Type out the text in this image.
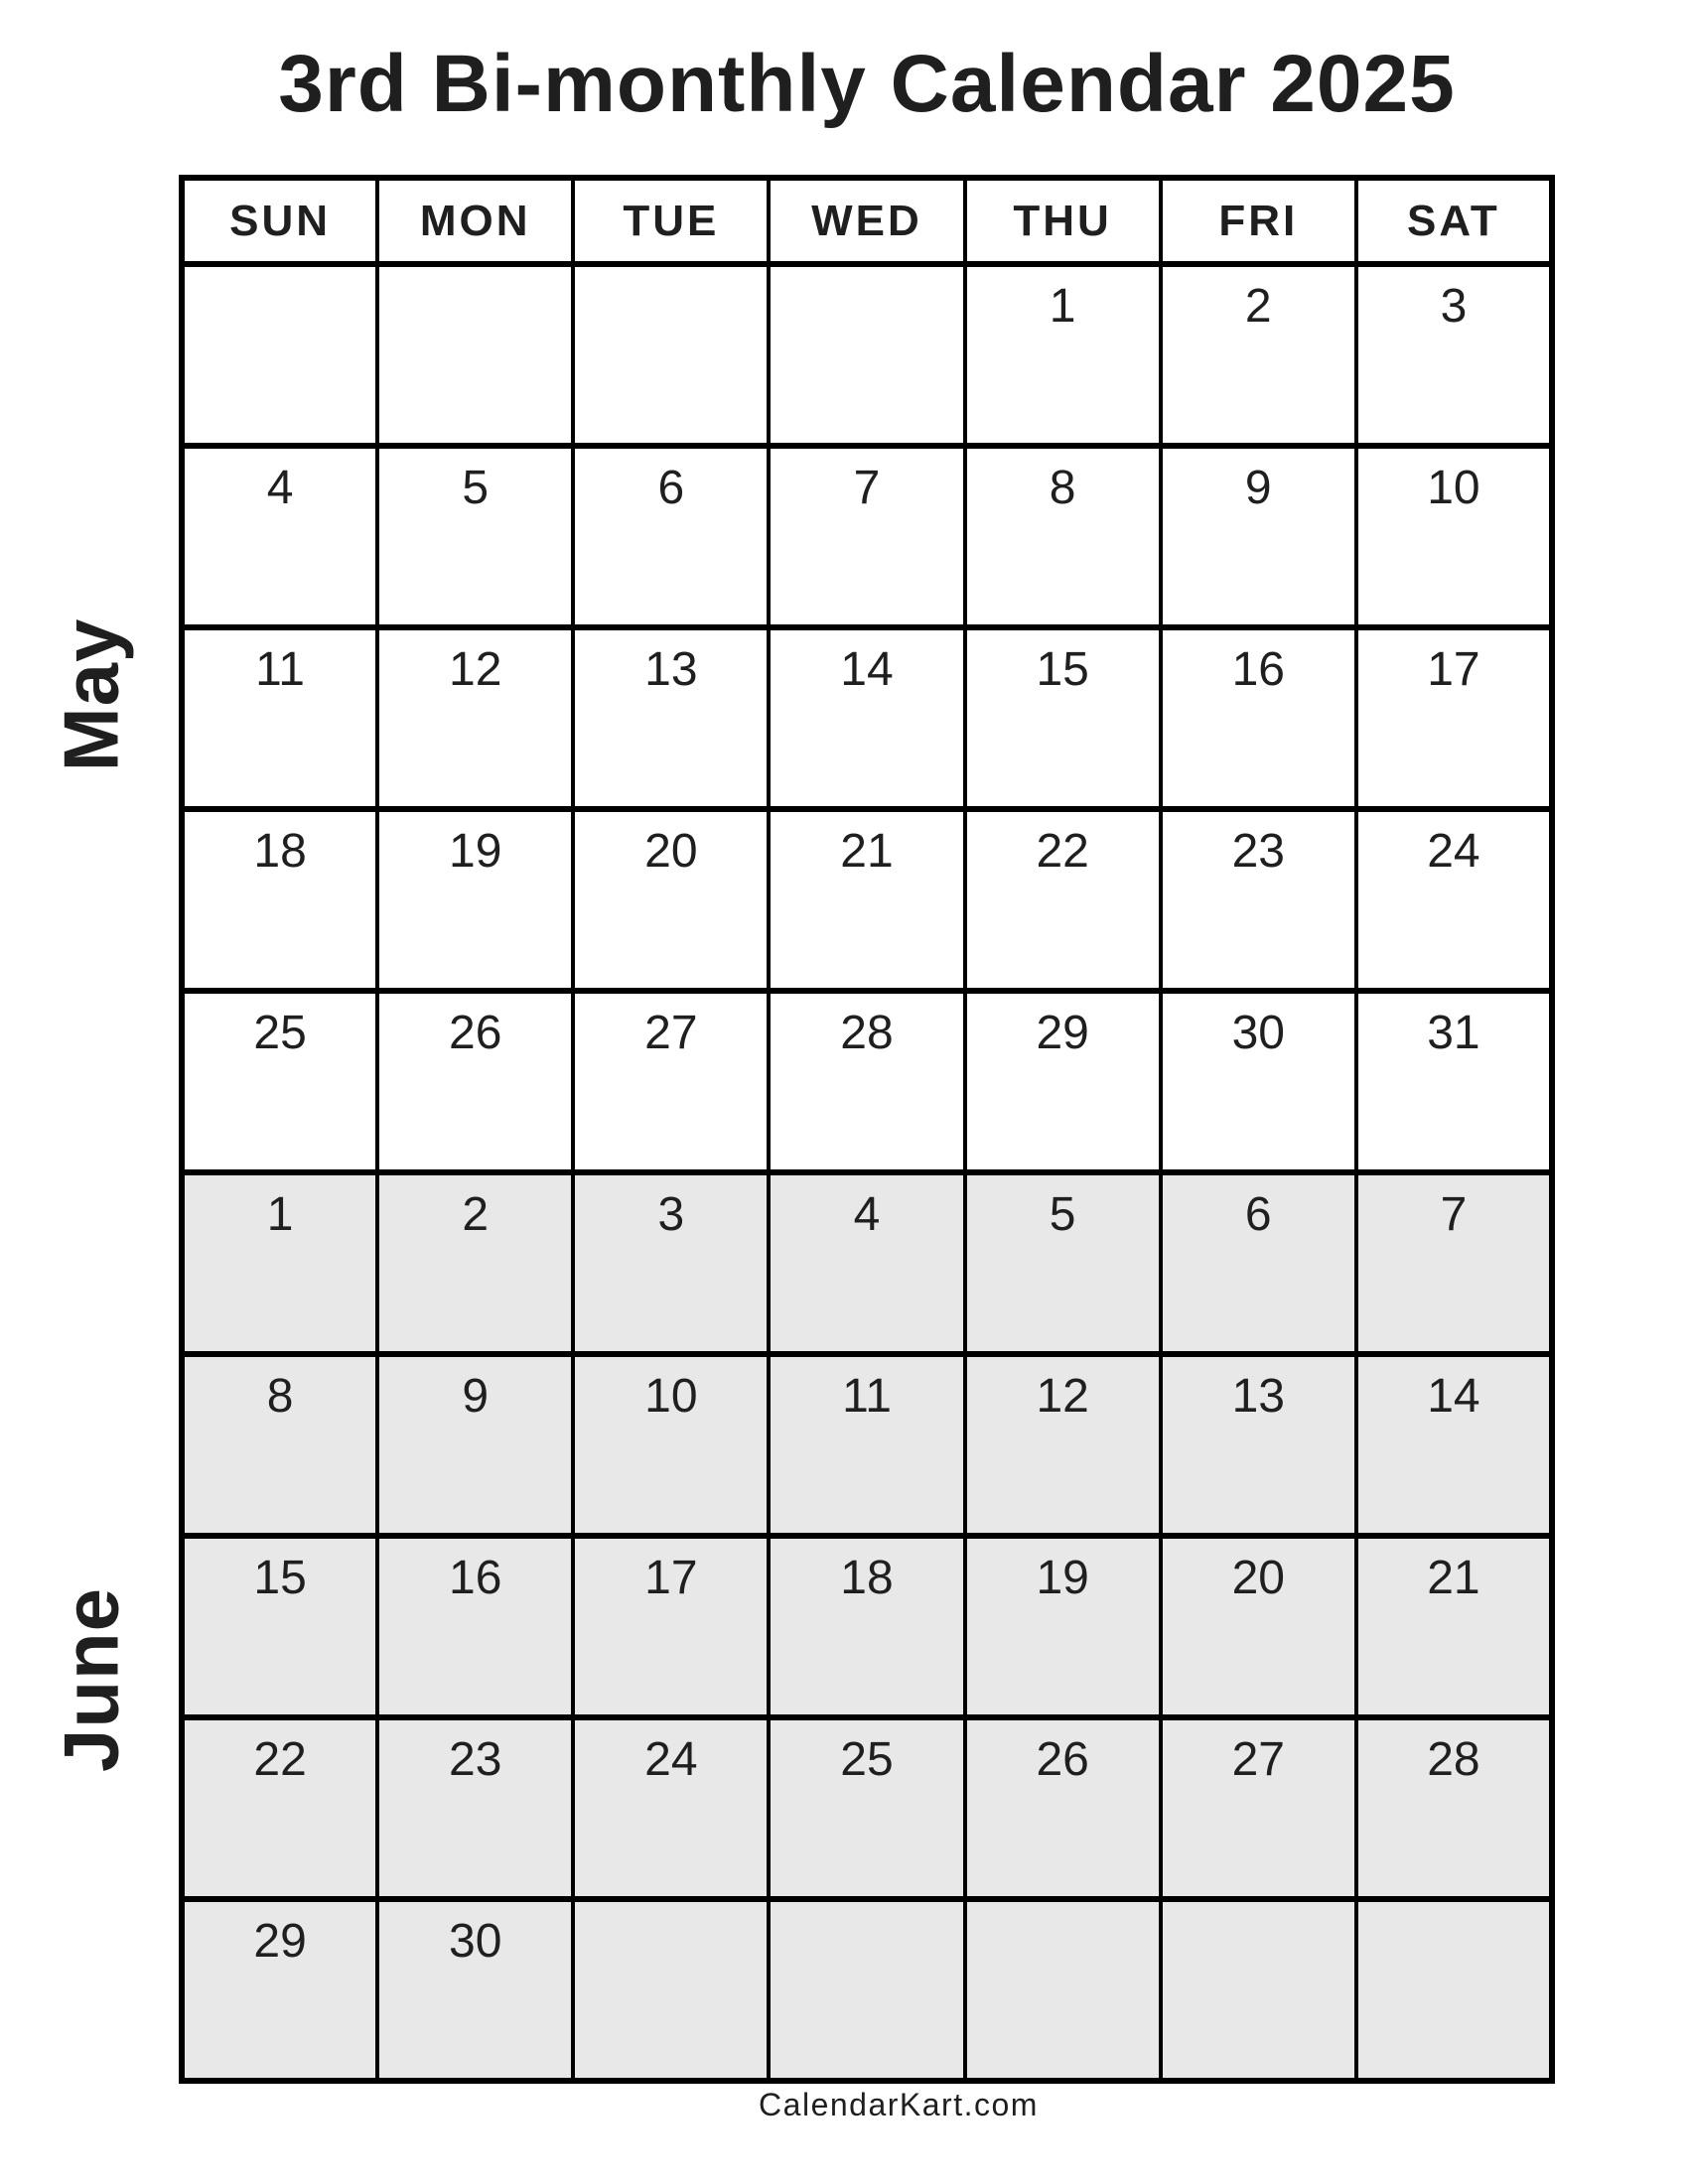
3rd Bi-monthly Calendar 2025
May
June
SUN	MON	TUE	WED	THU	FRI	SAT
				1	2	3
4	5	6	7	8	9	10
11	12	13	14	15	16	17
18	19	20	21	22	23	24
25	26	27	28	29	30	31
1	2	3	4	5	6	7
8	9	10	11	12	13	14
15	16	17	18	19	20	21
22	23	24	25	26	27	28
29	30					
CalendarKart.com
